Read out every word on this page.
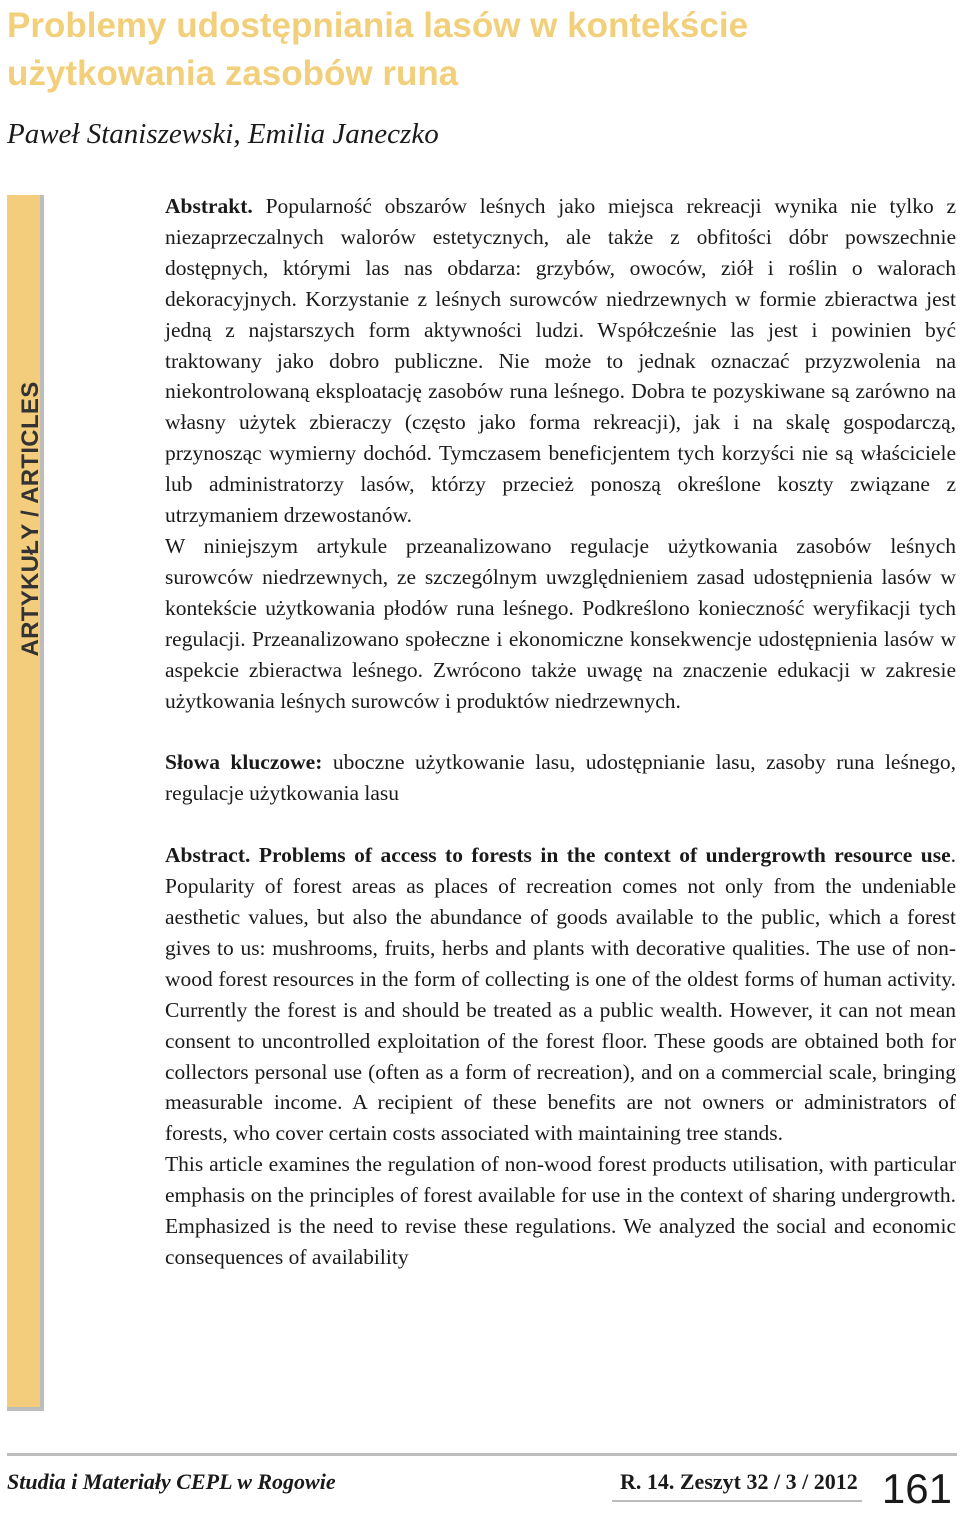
Problemy udostępniania lasów w kontekście użytkowania zasobów runa
Paweł Staniszewski, Emilia Janeczko
ARTYKUŁY / ARTICLES

Abstrakt. Popularność obszarów leśnych jako miejsca rekreacji wynika nie tylko z niezaprzeczalnych walorów estetycznych, ale także z obfitości dóbr powszechnie dostępnych, którymi las nas obdarza: grzybów, owoców, ziół i roślin o walorach dekoracyjnych. Korzystanie z leśnych surowców niedrzewnych w formie zbieractwa jest jedną z najstarszych form aktywności ludzi. Współcześnie las jest i powinien być traktowany jako dobro publiczne. Nie może to jednak oznaczać przyzwolenia na niekontrolowaną eksploatację zasobów runa leśnego. Dobra te pozyskiwane są zarówno na własny użytek zbieraczy (często jako forma rekreacji), jak i na skalę gospodarczą, przynosząc wymierny dochód. Tymczasem beneficjentem tych korzyści nie są właściciele lub administratorzy lasów, którzy przecież ponoszą określone koszty związane z utrzymaniem drzewostanów.

W niniejszym artykule przeanalizowano regulacje użytkowania zasobów leśnych surowców niedrzewnych, ze szczególnym uwzględnieniem zasad udostępnienia lasów w kontekście użytkowania płodów runa leśnego. Podkreślono konieczność weryfikacji tych regulacji. Przeanalizowano społeczne i ekonomiczne konsekwencje udostępnienia lasów w aspekcie zbieractwa leśnego. Zwrócono także uwagę na znaczenie edukacji w zakresie użytkowania leśnych surowców i produktów niedrzewnych.

Słowa kluczowe: uboczne użytkowanie lasu, udostępnianie lasu, zasoby runa leśnego, regulacje użytkowania lasu

Abstract. Problems of access to forests in the context of undergrowth resource use. Popularity of forest areas as places of recreation comes not only from the undeniable aesthetic values, but also the abundance of goods available to the public, which a forest gives to us: mushrooms, fruits, herbs and plants with decorative qualities. The use of non-wood forest resources in the form of collecting is one of the oldest forms of human activity. Currently the forest is and should be treated as a public wealth. However, it can not mean consent to uncontrolled exploitation of the forest floor. These goods are obtained both for collectors personal use (often as a form of recreation), and on a commercial scale, bringing measurable income. A recipient of these benefits are not owners or administrators of forests, who cover certain costs associated with maintaining tree stands.

This article examines the regulation of non-wood forest products utilisation, with particular emphasis on the principles of forest available for use in the context of sharing undergrowth. Emphasized is the need to revise these regulations. We analyzed the social and economic consequences of availability

Studia i Materiały CEPL w Rogowie	R. 14. Zeszyt 32 / 3 / 2012 161
